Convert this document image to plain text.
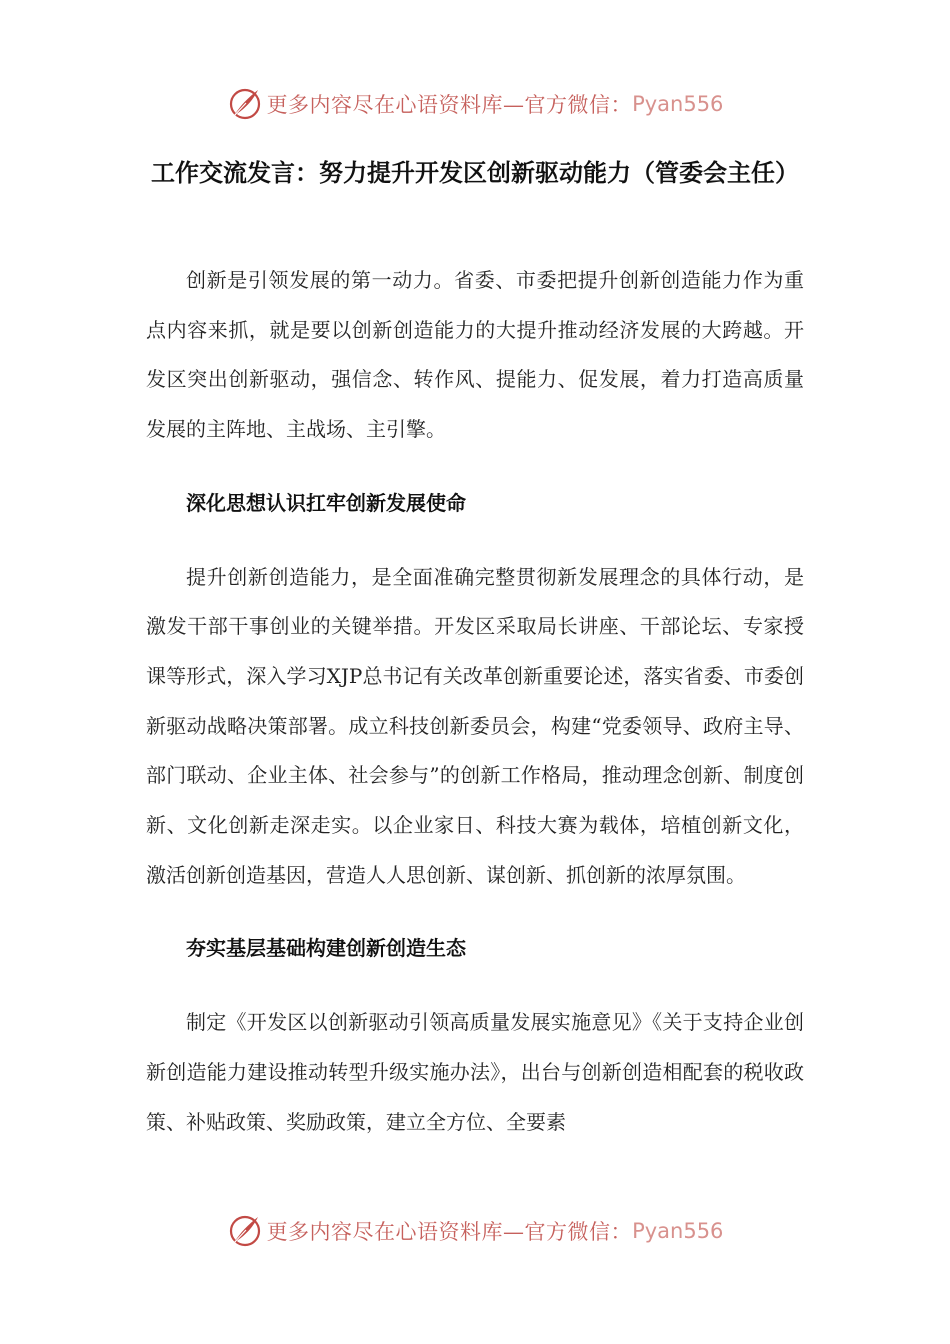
更多内容尽在心语资料库—官方微信： Pyan556
工作交流发言：努力提升开发区创新驱动能力（管委会主任）

创新是引领发展的第一动力。省委、市委把提升创新创造能力作为重点内容来抓，就是要以创新创造能力的大提升推动经济发展的大跨越。开发区突出创新驱动，强信念、转作风、提能力、促发展，着力打造高质量发展的主阵地、主战场、主引擎。

深化思想认识扛牢创新发展使命

提升创新创造能力，是全面准确完整贯彻新发展理念的具体行动，是激发干部干事创业的关键举措。开发区采取局长讲座、干部论坛、专家授课等形式，深入学习XJP总书记有关改革创新重要论述，落实省委、市委创新驱动战略决策部署。成立科技创新委员会，构建“党委领导、政府主导、部门联动、企业主体、社会参与”的创新工作格局，推动理念创新、制度创新、文化创新走深走实。以企业家日、科技大赛为载体，培植创新文化，激活创新创造基因，营造人人思创新、谋创新、抓创新的浓厚氛围。

夯实基层基础构建创新创造生态

制定《开发区以创新驱动引领高质量发展实施意见》《关于支持企业创新创造能力建设推动转型升级实施办法》，出台与创新创造相配套的税收政策、补贴政策、奖励政策，建立全方位、全要素

更多内容尽在心语资料库—官方微信： Pyan556
